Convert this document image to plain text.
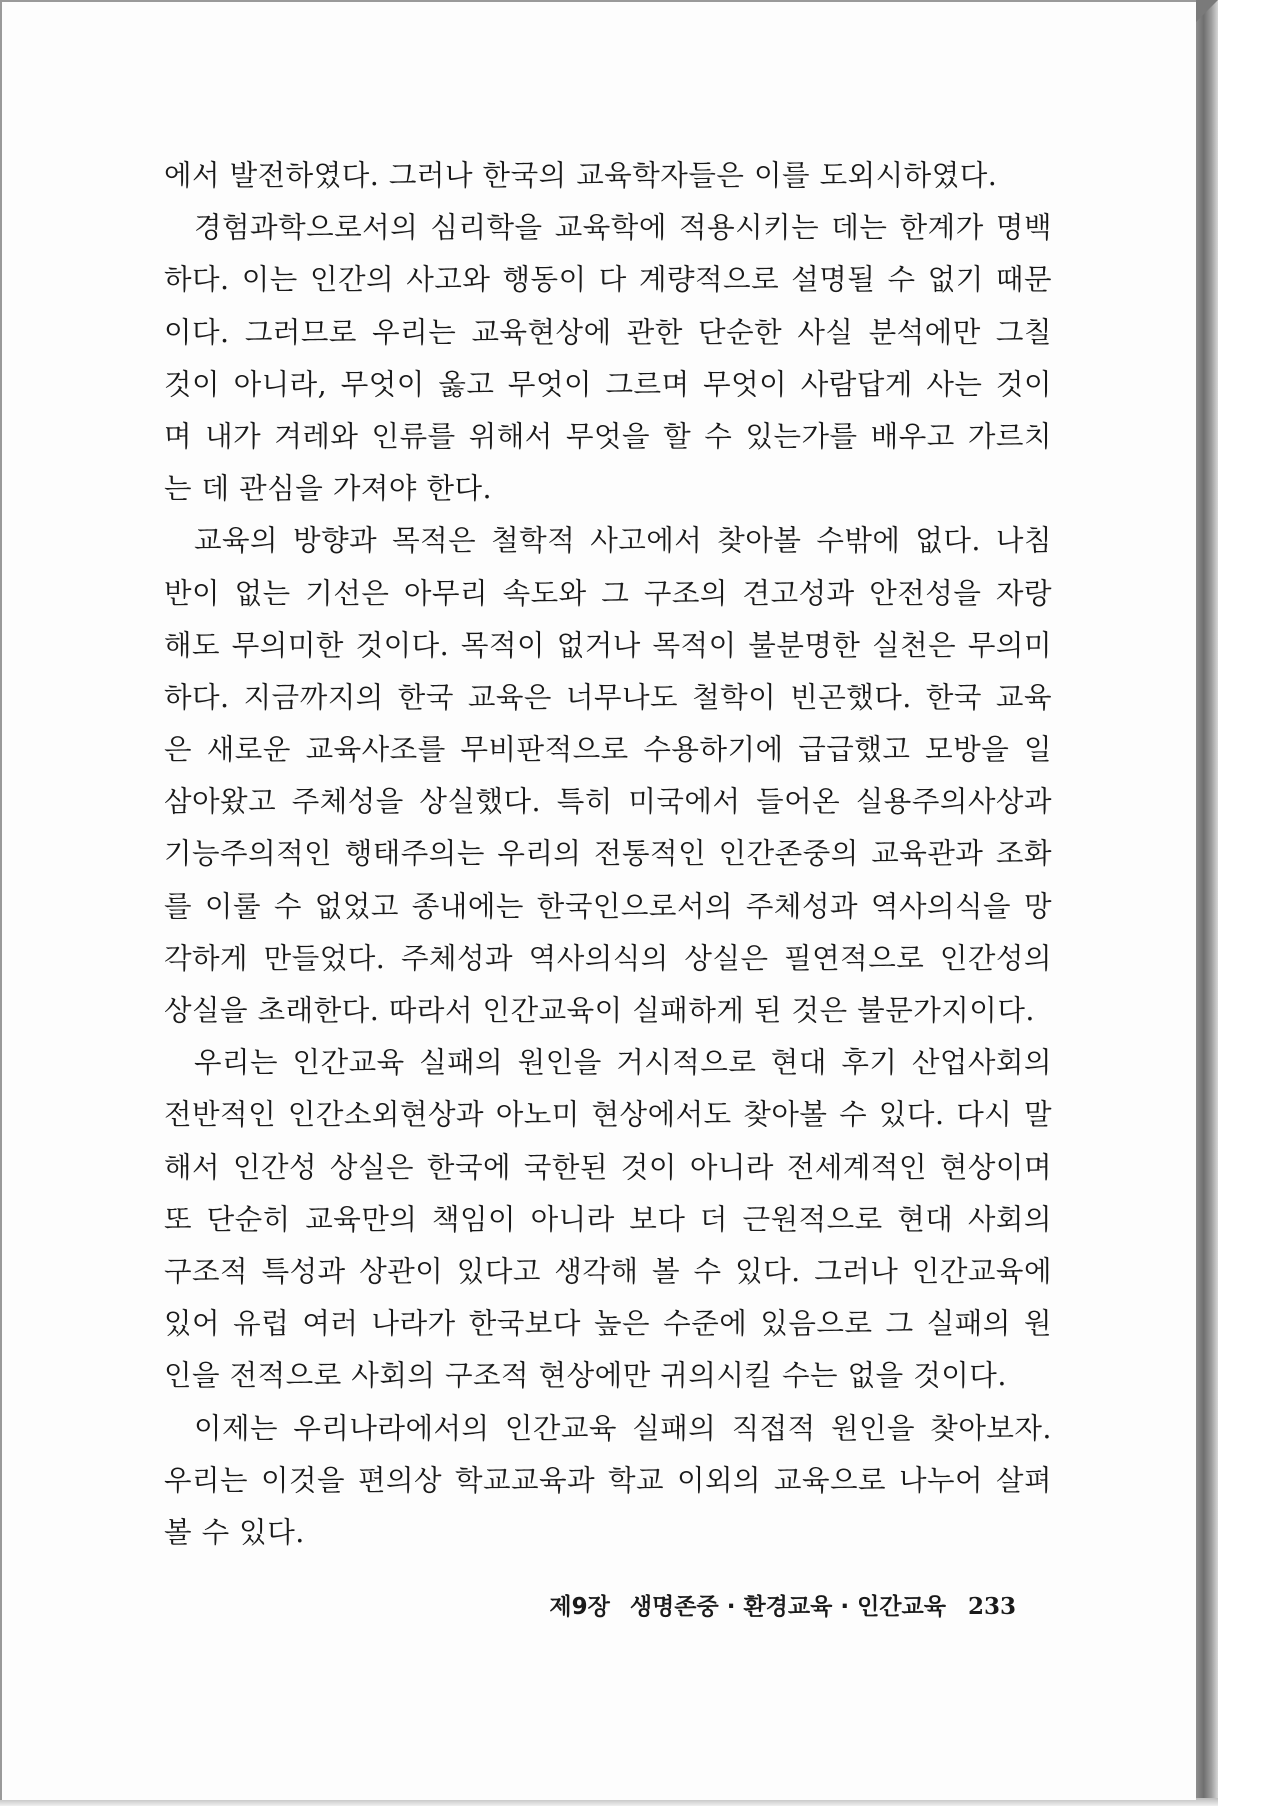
에서 발전하였다. 그러나 한국의 교육학자들은 이를 도외시하였다.
경험과학으로서의 심리학을 교육학에 적용시키는 데는 한계가 명백
하다. 이는 인간의 사고와 행동이 다 계량적으로 설명될 수 없기 때문
이다. 그러므로 우리는 교육현상에 관한 단순한 사실 분석에만 그칠
것이 아니라, 무엇이 옳고 무엇이 그르며 무엇이 사람답게 사는 것이
며 내가 겨레와 인류를 위해서 무엇을 할 수 있는가를 배우고 가르치
는 데 관심을 가져야 한다.
교육의 방향과 목적은 철학적 사고에서 찾아볼 수밖에 없다. 나침
반이 없는 기선은 아무리 속도와 그 구조의 견고성과 안전성을 자랑
해도 무의미한 것이다. 목적이 없거나 목적이 불분명한 실천은 무의미
하다. 지금까지의 한국 교육은 너무나도 철학이 빈곤했다. 한국 교육
은 새로운 교육사조를 무비판적으로 수용하기에 급급했고 모방을 일
삼아왔고 주체성을 상실했다. 특히 미국에서 들어온 실용주의사상과
기능주의적인 행태주의는 우리의 전통적인 인간존중의 교육관과 조화
를 이룰 수 없었고 종내에는 한국인으로서의 주체성과 역사의식을 망
각하게 만들었다. 주체성과 역사의식의 상실은 필연적으로 인간성의
상실을 초래한다. 따라서 인간교육이 실패하게 된 것은 불문가지이다.
우리는 인간교육 실패의 원인을 거시적으로 현대 후기 산업사회의
전반적인 인간소외현상과 아노미 현상에서도 찾아볼 수 있다. 다시 말
해서 인간성 상실은 한국에 국한된 것이 아니라 전세계적인 현상이며
또 단순히 교육만의 책임이 아니라 보다 더 근원적으로 현대 사회의
구조적 특성과 상관이 있다고 생각해 볼 수 있다. 그러나 인간교육에
있어 유럽 여러 나라가 한국보다 높은 수준에 있음으로 그 실패의 원
인을 전적으로 사회의 구조적 현상에만 귀의시킬 수는 없을 것이다.
이제는 우리나라에서의 인간교육 실패의 직접적 원인을 찾아보자.
우리는 이것을 편의상 학교교육과 학교 이외의 교육으로 나누어 살펴
볼 수 있다.
제9장 생명존중 · 환경교육 · 인간교육 233
